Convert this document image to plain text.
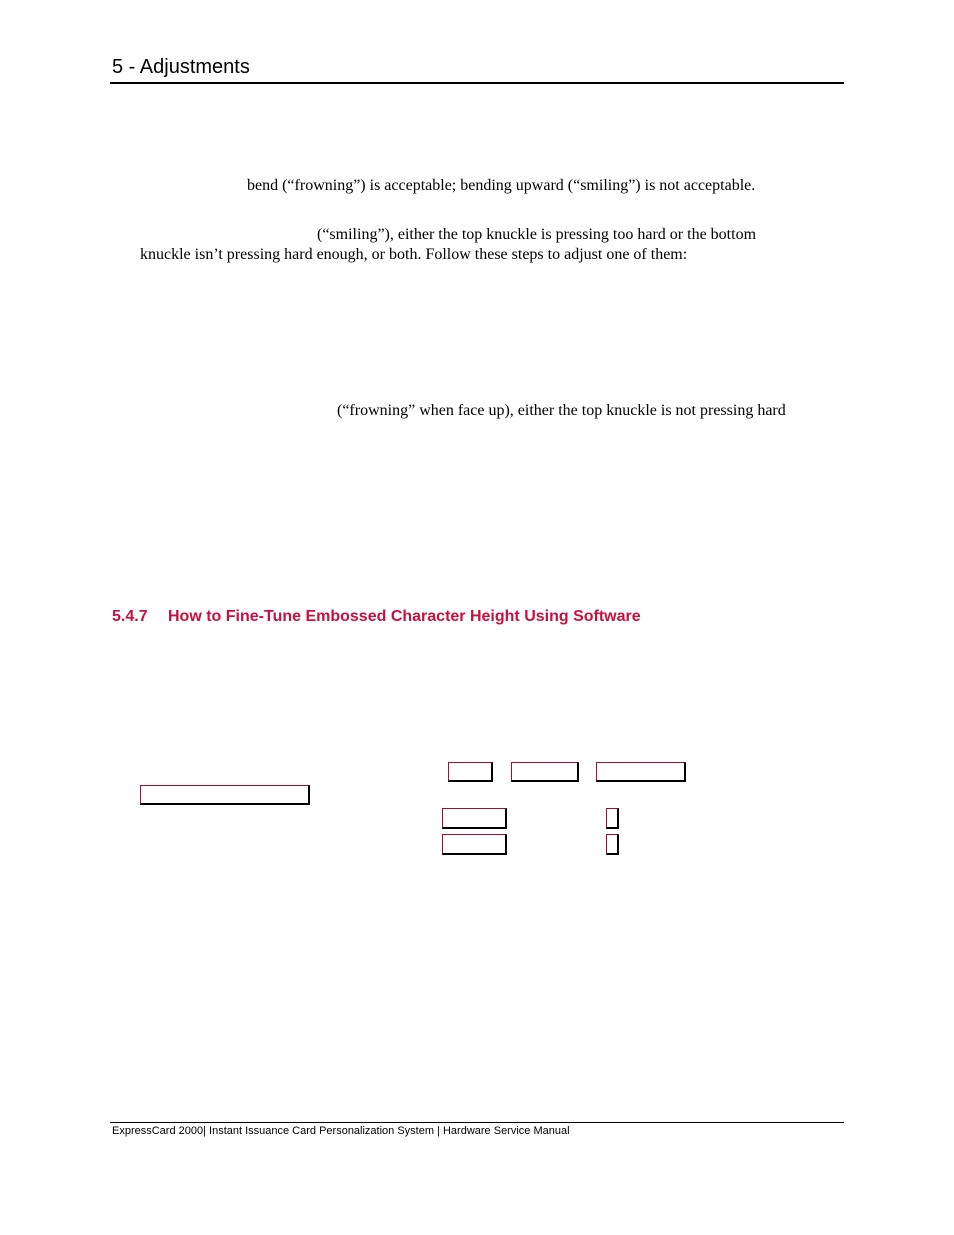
5 - Adjustments
bend (“frowning”) is acceptable; bending upward (“smiling”) is not acceptable.
(“smiling”), either the top knuckle is pressing too hard or the bottom
knuckle isn’t pressing hard enough, or both. Follow these steps to adjust one of them:
(“frowning” when face up), either the top knuckle is not pressing hard
5.4.7 How to Fine-Tune Embossed Character Height Using Software
ExpressCard 2000| Instant Issuance Card Personalization System | Hardware Service Manual
